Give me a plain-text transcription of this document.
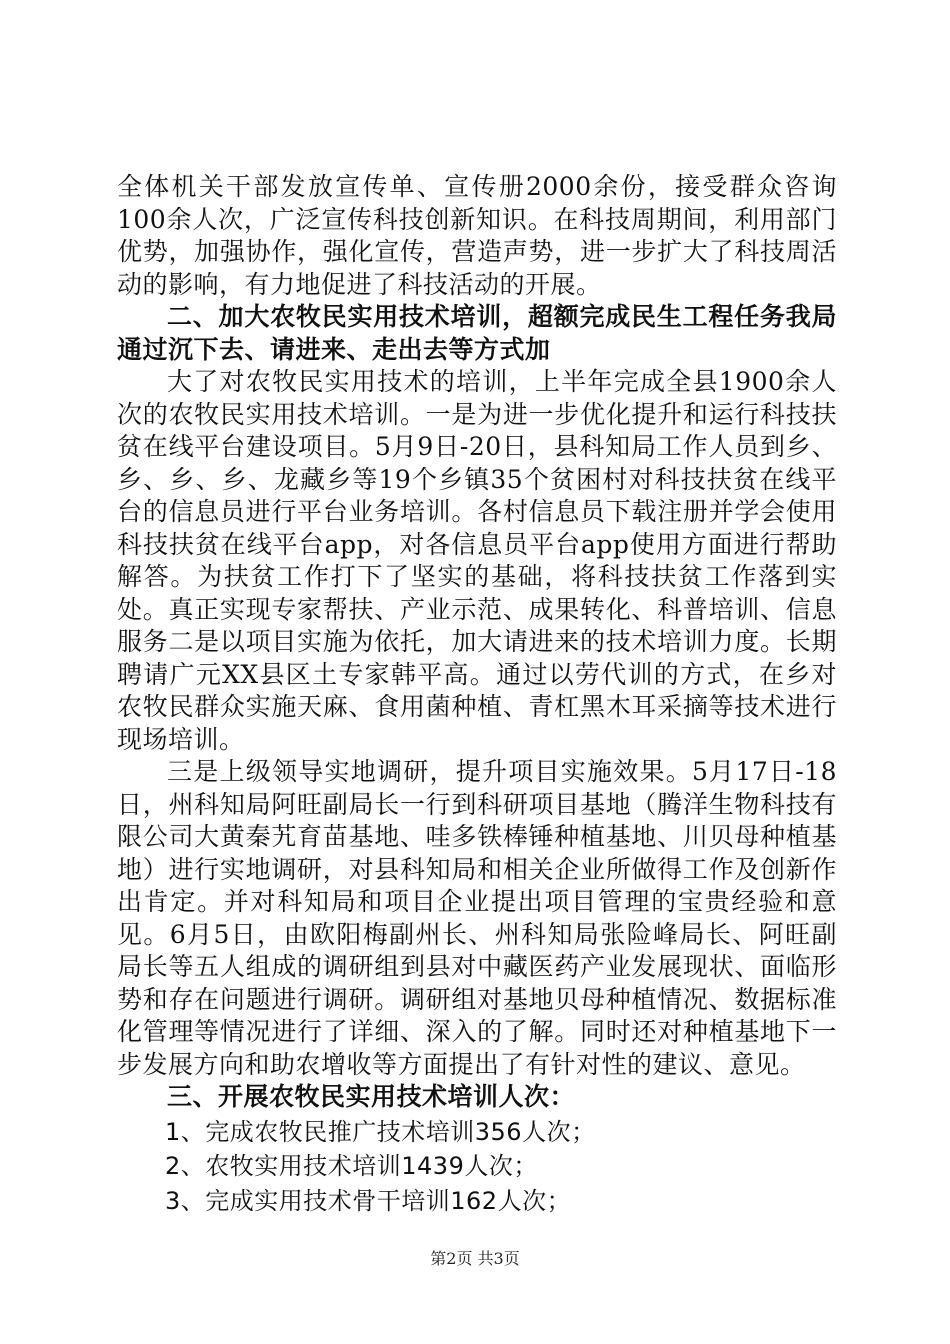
全体机关干部发放宣传单、宣传册2000余份，接受群众咨询100余人次，广泛宣传科技创新知识。在科技周期间，利用部门优势，加强协作，强化宣传，营造声势，进一步扩大了科技周活动的影响，有力地促进了科技活动的开展。

二、加大农牧民实用技术培训，超额完成民生工程任务我局通过沉下去、请进来、走出去等方式加

大了对农牧民实用技术的培训，上半年完成全县1900余人次的农牧民实用技术培训。一是为进一步优化提升和运行科技扶贫在线平台建设项目。5月9日-20日，县科知局工作人员到乡、乡、乡、乡、龙藏乡等19个乡镇35个贫困村对科技扶贫在线平台的信息员进行平台业务培训。各村信息员下载注册并学会使用科技扶贫在线平台app，对各信息员平台app使用方面进行帮助解答。为扶贫工作打下了坚实的基础，将科技扶贫工作落到实处。真正实现专家帮扶、产业示范、成果转化、科普培训、信息服务二是以项目实施为依托，加大请进来的技术培训力度。长期聘请广元XX县区土专家韩平高。通过以劳代训的方式，在乡对农牧民群众实施天麻、食用菌种植、青杠黑木耳采摘等技术进行现场培训。

三是上级领导实地调研，提升项目实施效果。5月17日-18日，州科知局阿旺副局长一行到科研项目基地（腾洋生物科技有限公司大黄秦艽育苗基地、哇多铁棒锤种植基地、川贝母种植基地）进行实地调研，对县科知局和相关企业所做得工作及创新作出肯定。并对科知局和项目企业提出项目管理的宝贵经验和意见。6月5日，由欧阳梅副州长、州科知局张险峰局长、阿旺副局长等五人组成的调研组到县对中藏医药产业发展现状、面临形势和存在问题进行调研。调研组对基地贝母种植情况、数据标准化管理等情况进行了详细、深入的了解。同时还对种植基地下一步发展方向和助农增收等方面提出了有针对性的建议、意见。

三、开展农牧民实用技术培训人次：

1、完成农牧民推广技术培训356人次；

2、农牧实用技术培训1439人次；

3、完成实用技术骨干培训162人次；

第2页 共3页
